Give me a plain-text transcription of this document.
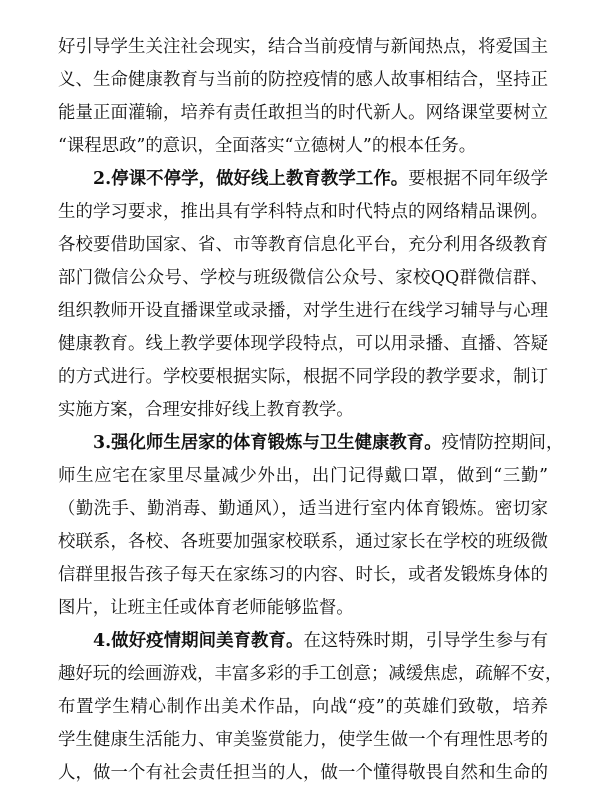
好引导学生关注社会现实，结合当前疫情与新闻热点，将爱国主
义、生命健康教育与当前的防控疫情的感人故事相结合，坚持正
能量正面灌输，培养有责任敢担当的时代新人。网络课堂要树立
“课程思政”的意识，全面落实“立德树人”的根本任务。
2.停课不停学，做好线上教育教学工作。要根据不同年级学
生的学习要求，推出具有学科特点和时代特点的网络精品课例。
各校要借助国家、省、市等教育信息化平台，充分利用各级教育
部门微信公众号、学校与班级微信公众号、家校QQ群微信群、
组织教师开设直播课堂或录播，对学生进行在线学习辅导与心理
健康教育。线上教学要体现学段特点，可以用录播、直播、答疑
的方式进行。学校要根据实际，根据不同学段的教学要求，制订
实施方案，合理安排好线上教育教学。
3.强化师生居家的体育锻炼与卫生健康教育。疫情防控期间，
师生应宅在家里尽量减少外出，出门记得戴口罩，做到“三勤”
（勤洗手、勤消毒、勤通风），适当进行室内体育锻炼。密切家
校联系，各校、各班要加强家校联系，通过家长在学校的班级微
信群里报告孩子每天在家练习的内容、时长，或者发锻炼身体的
图片，让班主任或体育老师能够监督。
4.做好疫情期间美育教育。在这特殊时期，引导学生参与有
趣好玩的绘画游戏，丰富多彩的手工创意；减缓焦虑，疏解不安，
布置学生精心制作出美术作品，向战“疫”的英雄们致敬，培养
学生健康生活能力、审美鉴赏能力，使学生做一个有理性思考的
人，做一个有社会责任担当的人，做一个懂得敬畏自然和生命的
